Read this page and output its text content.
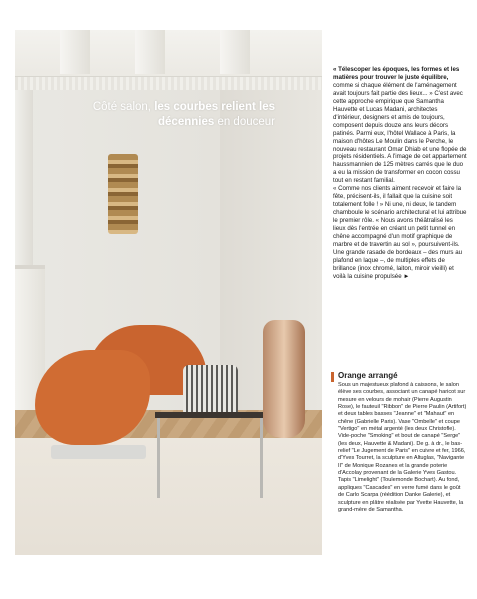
Côté salon, les courbes relient les décennies en douceur

« Télescoper les époques, les formes et les matières pour trouver le juste équilibre, comme si chaque élément de l'aménagement avait toujours fait partie des lieux... » C'est avec cette approche empirique que Samantha Hauvette et Lucas Madani, architectes d'intérieur, designers et amis de toujours, composent depuis douze ans leurs décors patinés. Parmi eux, l'hôtel Wallace à Paris, la maison d'hôtes Le Moulin dans le Perche, le nouveau restaurant Omar Dhiab et une flopée de projets résidentiels. A l'image de cet appartement haussmannien de 125 mètres carrés que le duo a eu la mission de transformer en cocon cossu tout en restant familial.

« Comme nos clients aiment recevoir et faire la fête, précisent-ils, il fallait que la cuisine soit totalement folle ! » Ni une, ni deux, le tandem chamboule le scénario architectural et lui attribue le premier rôle. « Nous avons théâtralisé les lieux dès l'entrée en créant un petit tunnel en chêne accompagné d'un motif graphique de marbre et de travertin au sol », poursuivent-ils. Une grande rasade de bordeaux – des murs au plafond en laque –, de multiples effets de brillance (inox chromé, laiton, miroir vieilli) et voilà la cuisine propulsée ►

Orange arrangé
Sous un majestueux plafond à caissons, le salon élève ses courbes, associant un canapé haricot sur mesure en velours de mohair (Pierre Augustin Rose), le fauteuil "Ribbon" de Pierre Paulin (Artifort) et deux tables basses "Jeanne" et "Mahaut" en chêne (Gabrielle Paris). Vase "Ombelle" et coupe "Vertigo" en métal argenté (les deux Christofle). Vide-poche "Smoking" et bout de canapé "Serge" (les deux, Hauvette & Madani). De g. à dr., le bas-relief "Le Jugement de Paris" en cuivre et fer, 1966, d'Yves Tourret, la sculpture en Altuglas, "Navigante II" de Monique Rozanes et la grande poterie d'Accolay provenant de la Galerie Yves Gastou. Tapis "Limelight" (Toulemonde Bochart). Au fond, appliques "Cascades" en verre fumé dans le goût de Carlo Scarpa (réédition Danke Galerie), et sculpture en plâtre réalisée par Yvette Hauvette, la grand-mère de Samantha.
